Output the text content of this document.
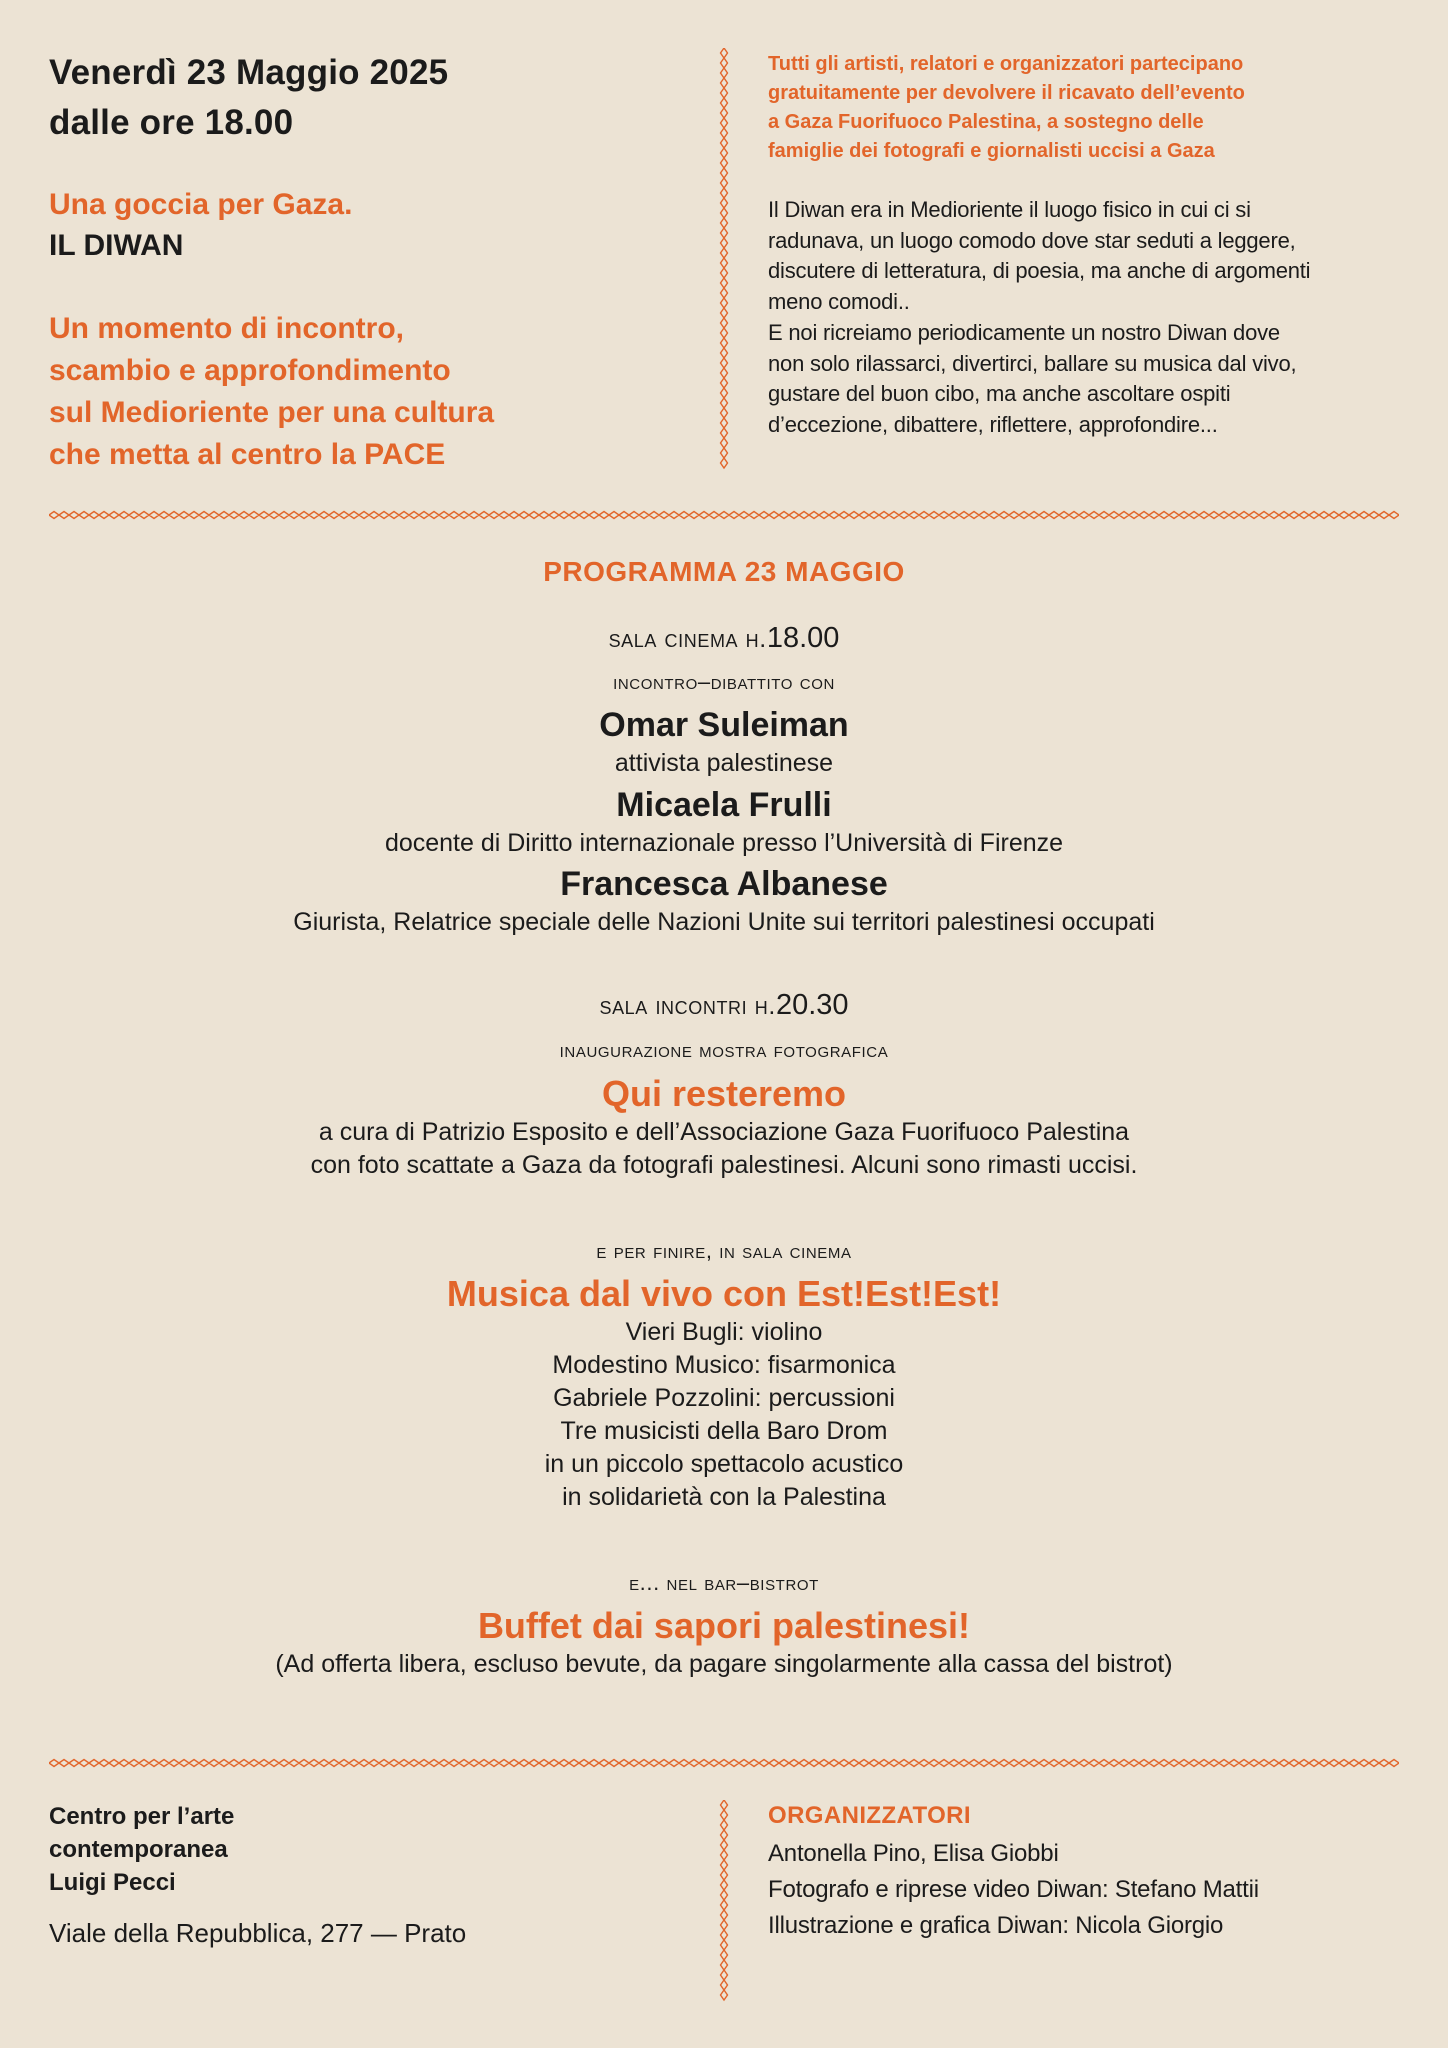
Venerdì 23 Maggio 2025
dalle ore 18.00
Una goccia per Gaza.
IL DIWAN
Un momento di incontro,
scambio e approfondimento
sul Medioriente per una cultura
che metta al centro la PACE
Tutti gli artisti, relatori e organizzatori partecipano
gratuitamente per devolvere il ricavato dell’evento
a Gaza Fuorifuoco Palestina, a sostegno delle
famiglie dei fotografi e giornalisti uccisi a Gaza
Il Diwan era in Medioriente il luogo fisico in cui ci si
radunava, un luogo comodo dove star seduti a leggere,
discutere di letteratura, di poesia, ma anche di argomenti
meno comodi..
E noi ricreiamo periodicamente un nostro Diwan dove
non solo rilassarci, divertirci, ballare su musica dal vivo,
gustare del buon cibo, ma anche ascoltare ospiti
d’eccezione, dibattere, riflettere, approfondire...
PROGRAMMA 23 MAGGIO
sala cinema h.18.00
incontro–dibattito con
Omar Suleiman
attivista palestinese
Micaela Frulli
docente di Diritto internazionale presso l’Università di Firenze
Francesca Albanese
Giurista, Relatrice speciale delle Nazioni Unite sui territori palestinesi occupati
sala incontri h.20.30
inaugurazione mostra fotografica
Qui resteremo
a cura di Patrizio Esposito e dell’Associazione Gaza Fuorifuoco Palestina
con foto scattate a Gaza da fotografi palestinesi. Alcuni sono rimasti uccisi.
e per finire, in sala cinema
Musica dal vivo con Est!Est!Est!
Vieri Bugli: violino
Modestino Musico: fisarmonica
Gabriele Pozzolini: percussioni
Tre musicisti della Baro Drom
in un piccolo spettacolo acustico
in solidarietà con la Palestina
e... nel bar–bistrot
Buffet dai sapori palestinesi!
(Ad offerta libera, escluso bevute, da pagare singolarmente alla cassa del bistrot)
Centro per l’arte
contemporanea
Luigi Pecci
Viale della Repubblica, 277 — Prato
ORGANIZZATORI
Antonella Pino, Elisa Giobbi
Fotografo e riprese video Diwan: Stefano Mattii
Illustrazione e grafica Diwan: Nicola Giorgio
